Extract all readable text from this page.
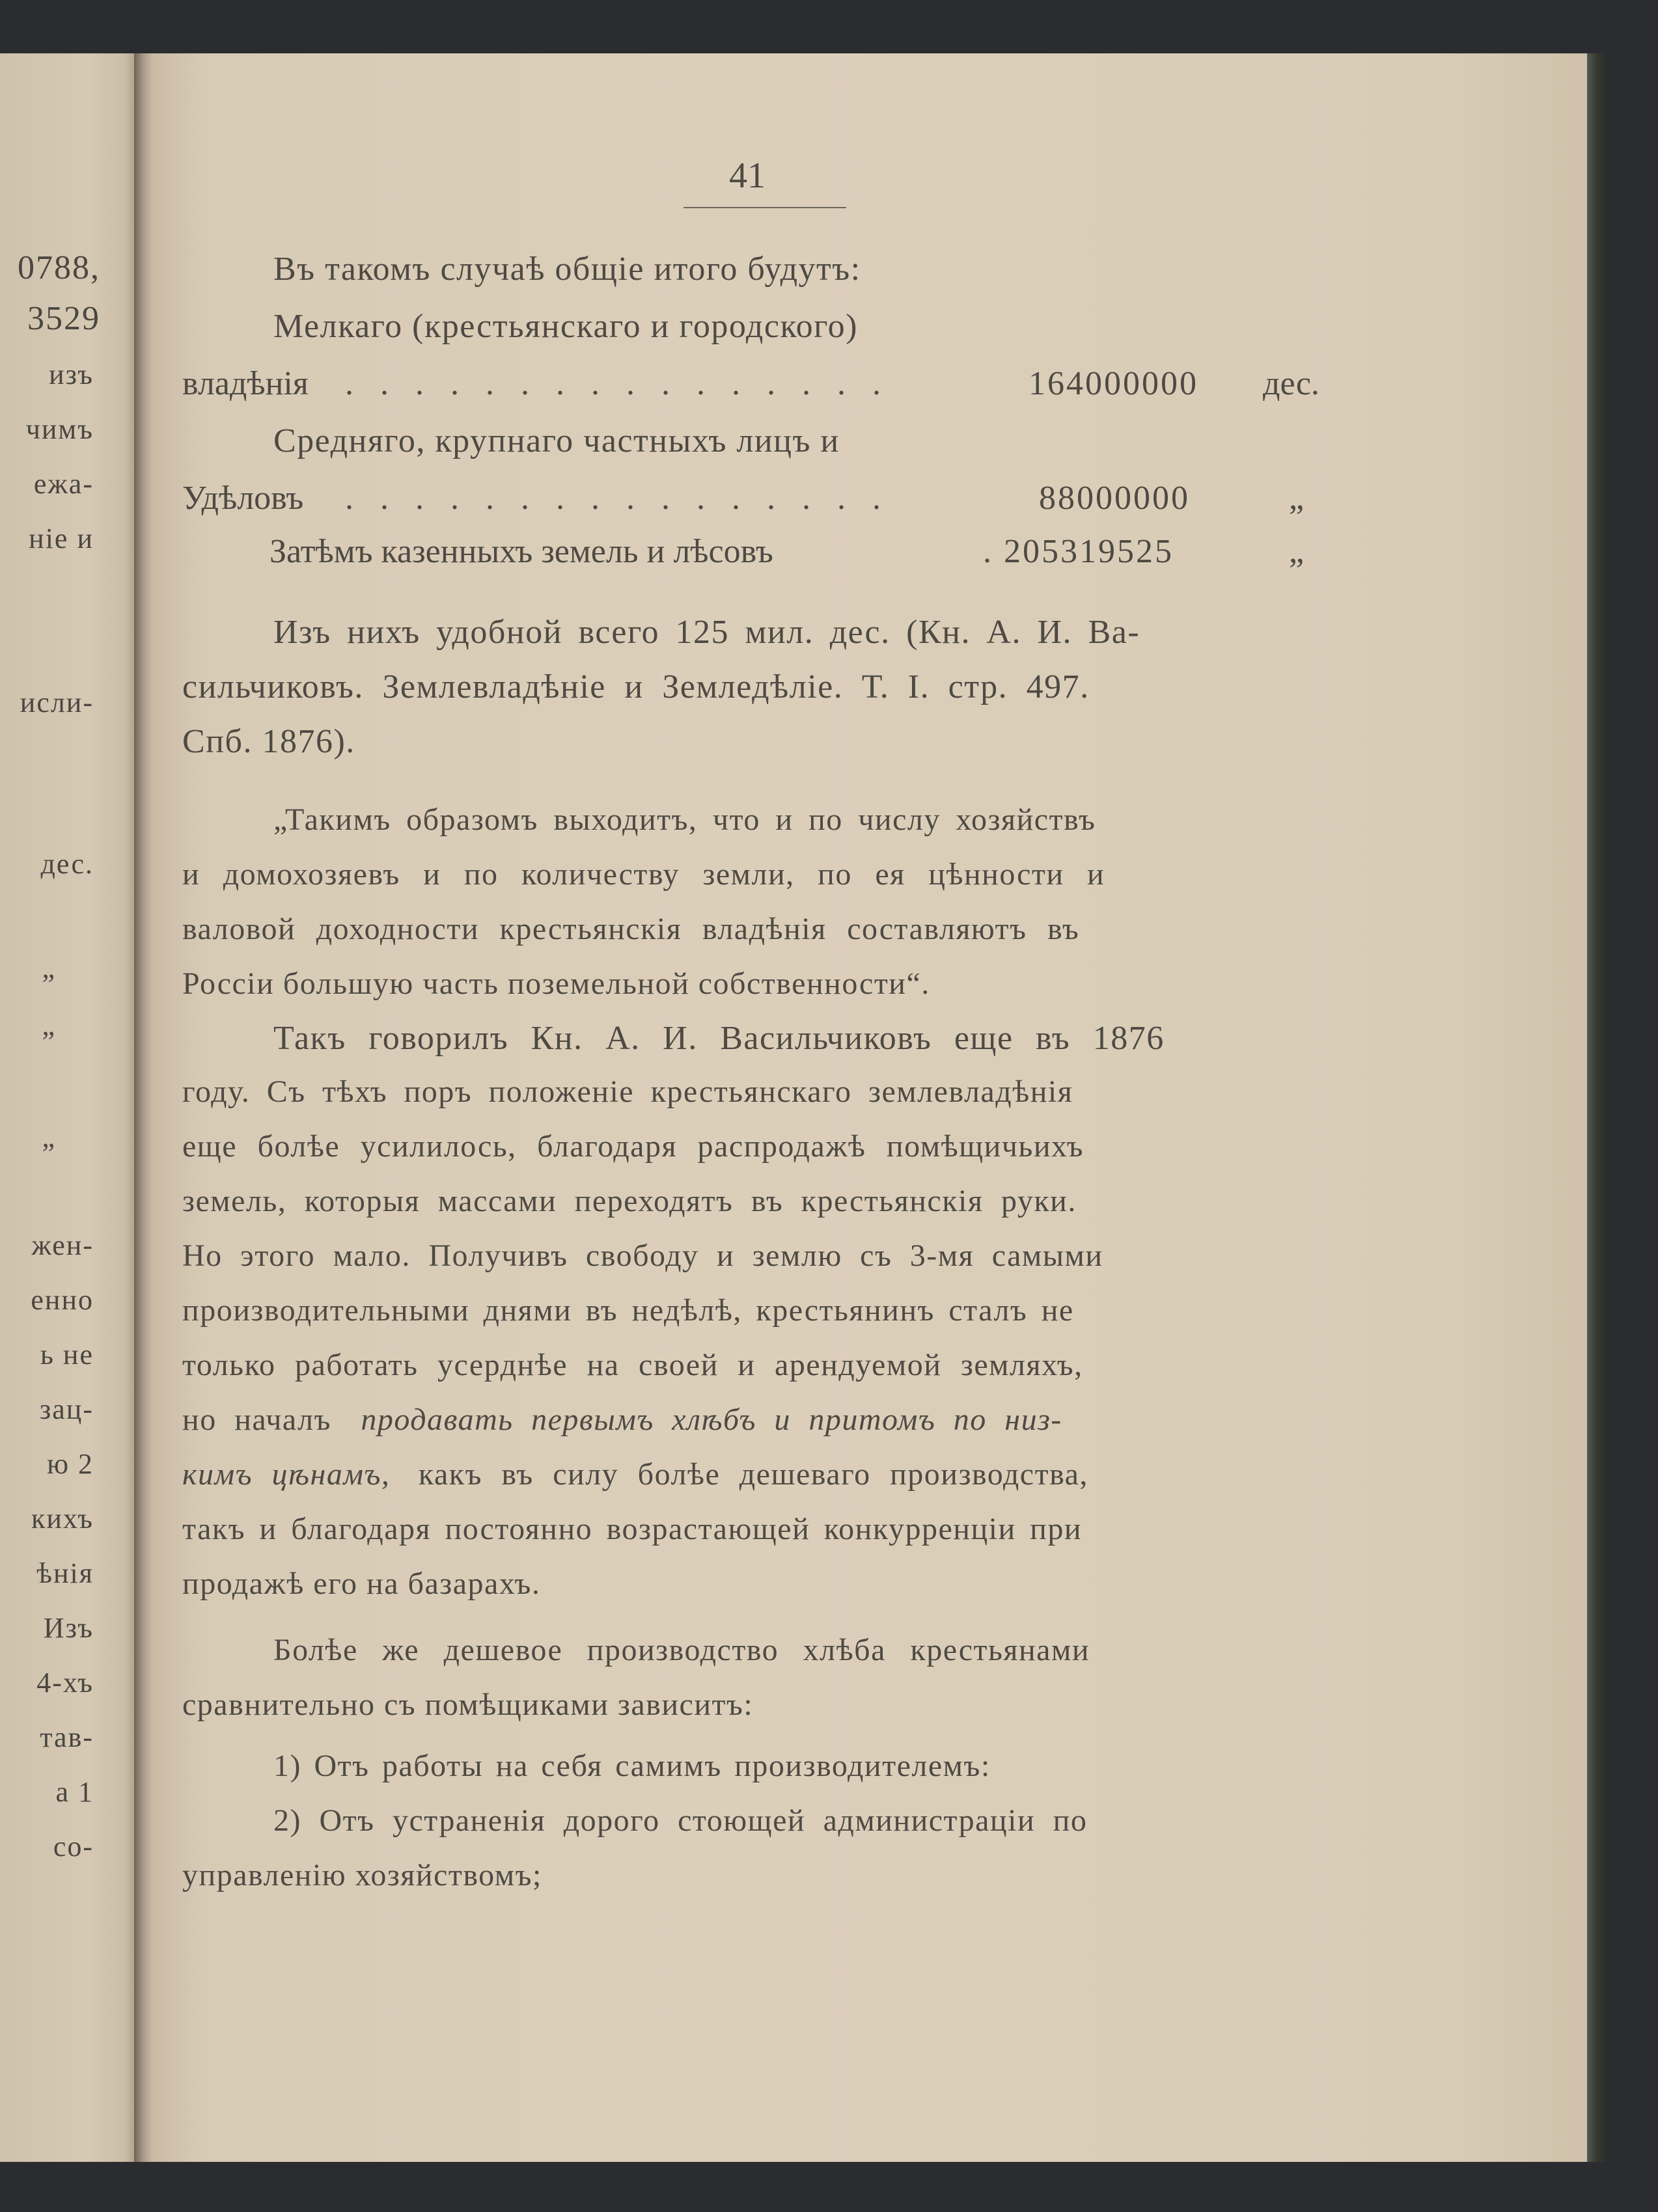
0788,
3529
изъ
чимъ
ежа-
ніе и
исли-
дес.
„
„
„
жен-
енно
ь не
зац-
ю 2
кихъ
ѣнія
Изъ
4-хъ
тав-
а 1
со-
41
Въ такомъ случаѣ общіе итого будутъ:
Мелкаго (крестьянскаго и городского)
владѣнія . . . . . . . . . . . . . . . .	164000000 дес.
Средняго, крупнаго частныхъ лицъ и
Удѣловъ . . . . . . . . . . . . . . . .	88000000	„
Затѣмъ казенныхъ земель и лѣсовъ	. 205319525	„
Изъ нихъ удобной всего 125 мил. дес. (Кн. А. И. Ва-
сильчиковъ. Землевладѣніе и Земледѣліе. Т. І. стр. 497.
Спб. 1876).
„Такимъ образомъ выходитъ, что и по числу хозяйствъ
и домохозяевъ и по количеству земли, по ея цѣнности и
валовой доходности крестьянскія владѣнія составляютъ въ
Россіи большую часть поземельной собственности“.
Такъ говорилъ Кн. А. И. Васильчиковъ еще въ 1876
году. Съ тѣхъ поръ положеніе крестьянскаго землевладѣнія
еще болѣе усилилось, благодаря распродажѣ помѣщичьихъ
земель, которыя массами переходятъ въ крестьянскія руки.
Но этого мало. Получивъ свободу и землю съ 3-мя самыми
производительными днями въ недѣлѣ, крестьянинъ сталъ не
только работать усерднѣе на своей и арендуемой земляхъ,
но началъ продавать первымъ хлѣбъ и притомъ по низ-
кимъ цѣнамъ, какъ въ силу болѣе дешеваго производства,
такъ и благодаря постоянно возрастающей конкурренціи при
продажѣ его на базарахъ.
Болѣе же дешевое производство хлѣба крестьянами
сравнительно съ помѣщиками зависитъ:
1) Отъ работы на себя самимъ производителемъ:
2) Отъ устраненія дорого стоющей администраціи по
управленію хозяйствомъ;
